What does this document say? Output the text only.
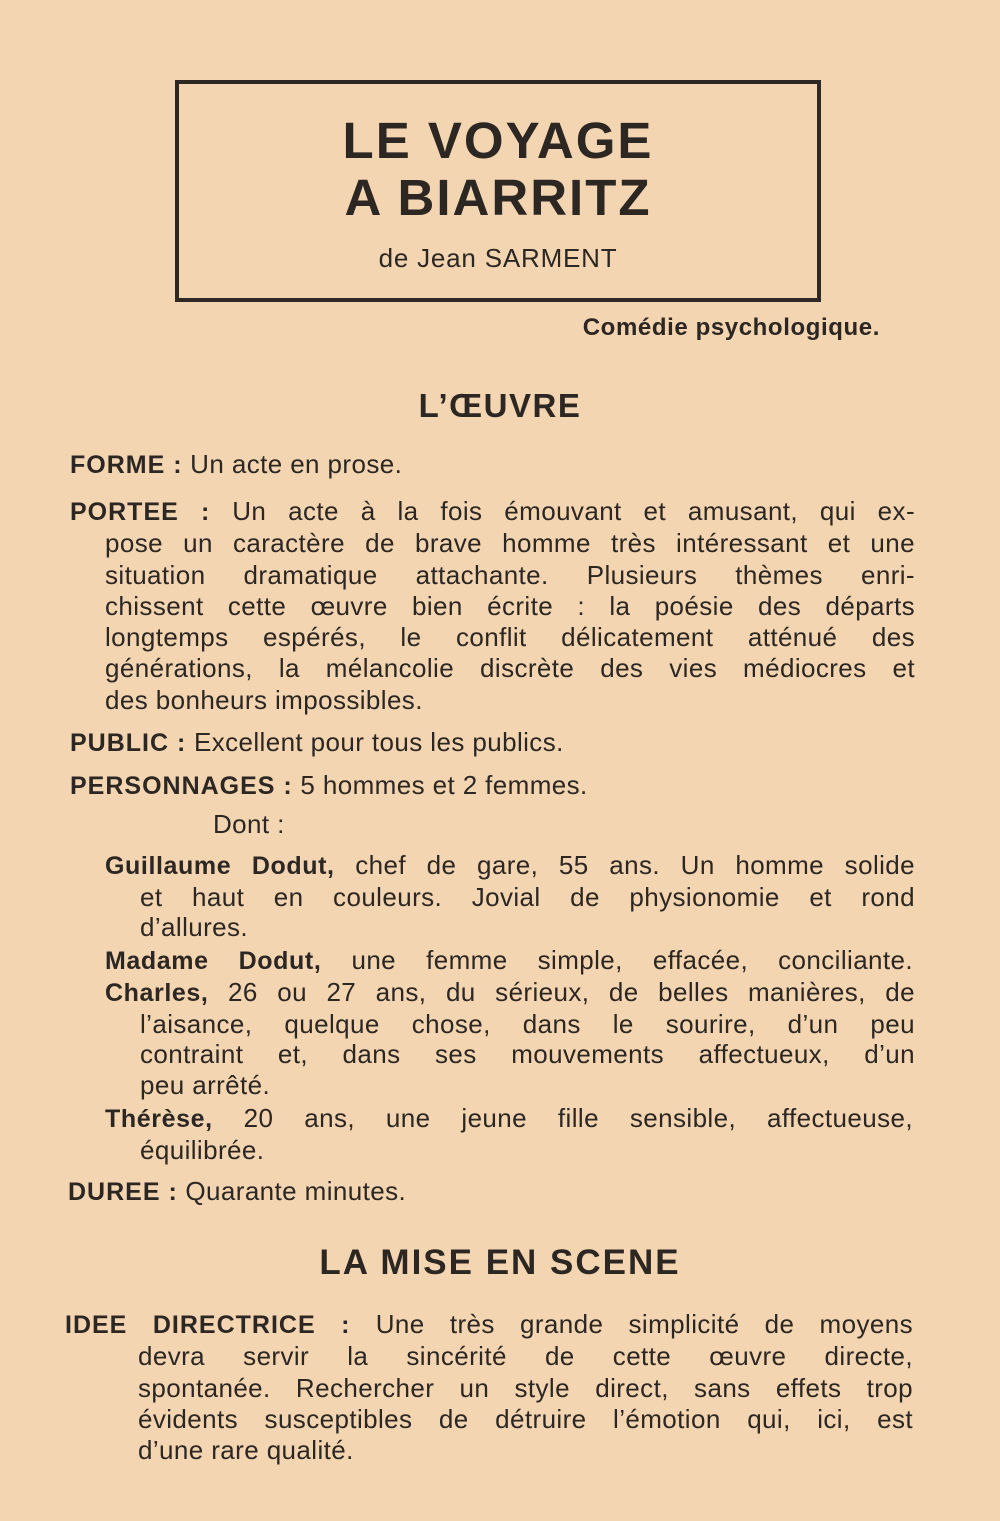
LE VOYAGE
A BIARRITZ
de Jean SARMENT
Comédie psychologique.
L’ŒUVRE
FORME : Un acte en prose.
PORTEE : Un acte à la fois émouvant et amusant, qui ex-
pose un caractère de brave homme très intéressant et une
situation dramatique attachante. Plusieurs thèmes enri-
chissent cette œuvre bien écrite : la poésie des départs
longtemps espérés, le conflit délicatement atténué des
générations, la mélancolie discrète des vies médiocres et
des bonheurs impossibles.
PUBLIC : Excellent pour tous les publics.
PERSONNAGES : 5 hommes et 2 femmes.
Dont :
Guillaume Dodut, chef de gare, 55 ans. Un homme solide
et haut en couleurs. Jovial de physionomie et rond
d’allures.
Madame Dodut, une femme simple, effacée, conciliante.
Charles, 26 ou 27 ans, du sérieux, de belles manières, de
l’aisance, quelque chose, dans le sourire, d’un peu
contraint et, dans ses mouvements affectueux, d’un
peu arrêté.
Thérèse, 20 ans, une jeune fille sensible, affectueuse,
équilibrée.
DUREE : Quarante minutes.
LA MISE EN SCENE
IDEE DIRECTRICE : Une très grande simplicité de moyens
devra servir la sincérité de cette œuvre directe,
spontanée. Rechercher un style direct, sans effets trop
évidents susceptibles de détruire l’émotion qui, ici, est
d’une rare qualité.
